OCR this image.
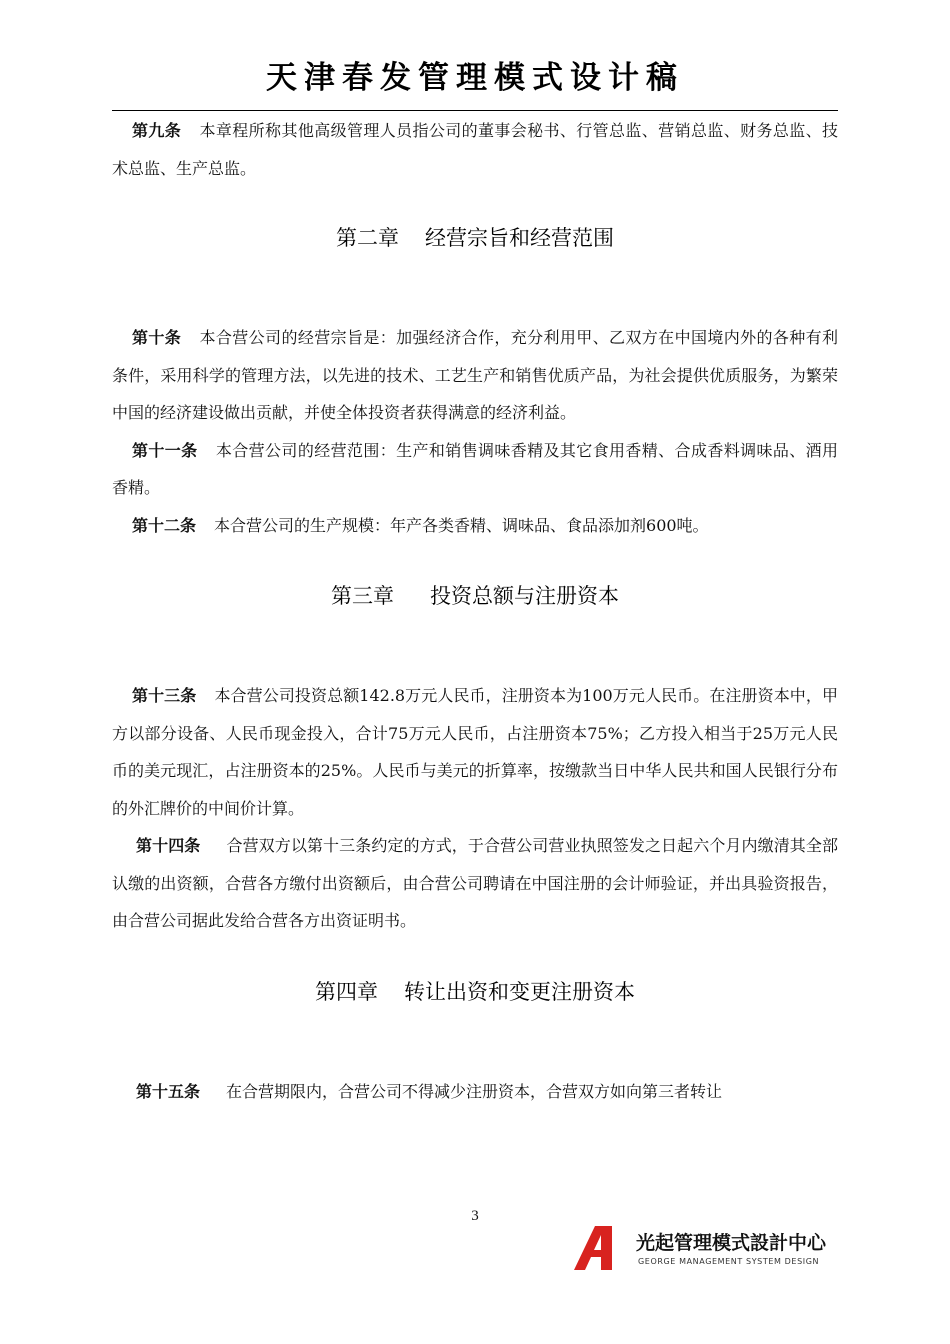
天津春发管理模式设计稿

第九条 本章程所称其他高级管理人员指公司的董事会秘书、行管总监、营销总监、财务总监、技术总监、生产总监。

第二章 经营宗旨和经营范围

第十条 本合营公司的经营宗旨是：加强经济合作，充分利用甲、乙双方在中国境内外的各种有利条件，采用科学的管理方法，以先进的技术、工艺生产和销售优质产品，为社会提供优质服务，为繁荣中国的经济建设做出贡献，并使全体投资者获得满意的经济利益。

第十一条 本合营公司的经营范围：生产和销售调味香精及其它食用香精、合成香料调味品、酒用香精。

第十二条 本合营公司的生产规模：年产各类香精、调味品、食品添加剂600吨。

第三章 投资总额与注册资本

第十三条 本合营公司投资总额142.8万元人民币，注册资本为100万元人民币。在注册资本中，甲方以部分设备、人民币现金投入，合计75万元人民币，占注册资本75%；乙方投入相当于25万元人民币的美元现汇，占注册资本的25%。人民币与美元的折算率，按缴款当日中华人民共和国人民银行分布的外汇牌价的中间价计算。

第十四条 合营双方以第十三条约定的方式，于合营公司营业执照签发之日起六个月内缴清其全部认缴的出资额，合营各方缴付出资额后，由合营公司聘请在中国注册的会计师验证，并出具验资报告，由合营公司据此发给合营各方出资证明书。

第四章 转让出资和变更注册资本

第十五条 在合营期限内，合营公司不得减少注册资本，合营双方如向第三者转让

3
光起管理模式設計中心
GEORGE MANAGEMENT SYSTEM DESIGN
